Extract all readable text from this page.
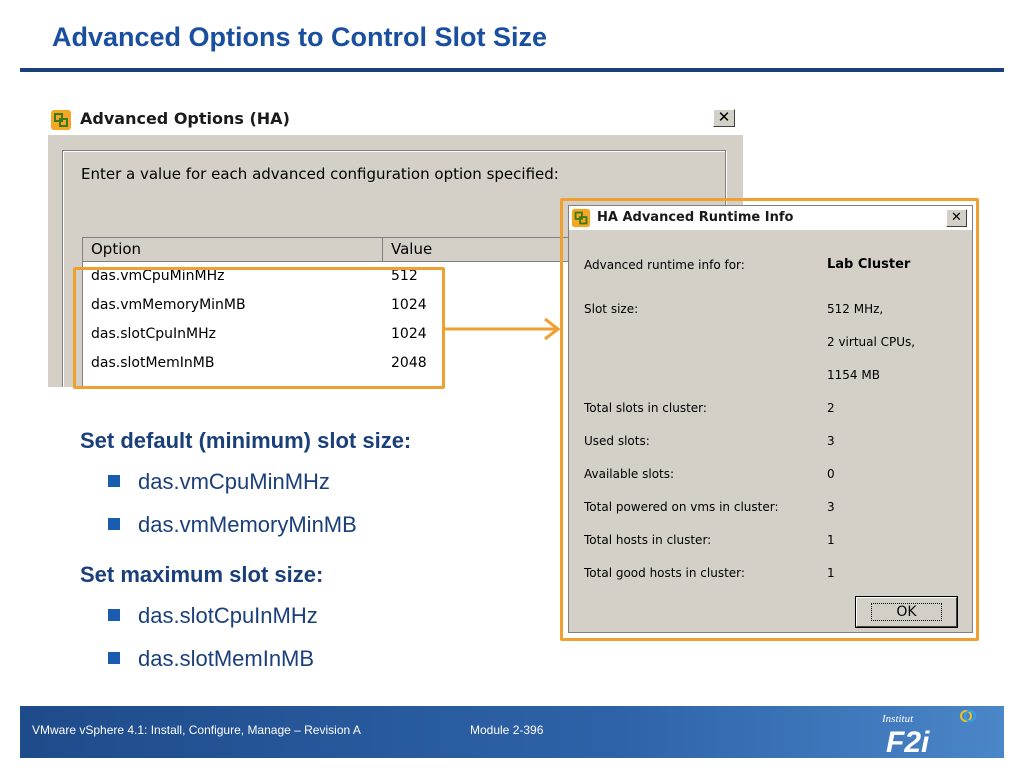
Advanced Options to Control Slot Size
Advanced Options (HA)	✕
Enter a value for each advanced configuration option specified:
Option	Value
das.vmCpuMinMHz	512
das.vmMemoryMinMB	1024
das.slotCpuInMHz	1024
das.slotMemInMB	2048
HA Advanced Runtime Info	✕
Advanced runtime info for:	Lab Cluster
Slot size:	512 MHz,
2 virtual CPUs,
1154 MB
Total slots in cluster:	2
Used slots:	3
Available slots:	0
Total powered on vms in cluster:	3
Total hosts in cluster:	1
Total good hosts in cluster:	1
OK
Set default (minimum) slot size:
das.vmCpuMinMHz
das.vmMemoryMinMB
Set maximum slot size:
das.slotCpuInMHz
das.slotMemInMB
VMware vSphere 4.1: Install, Configure, Manage – Revision A	Module 2-396
Institut
F2i
